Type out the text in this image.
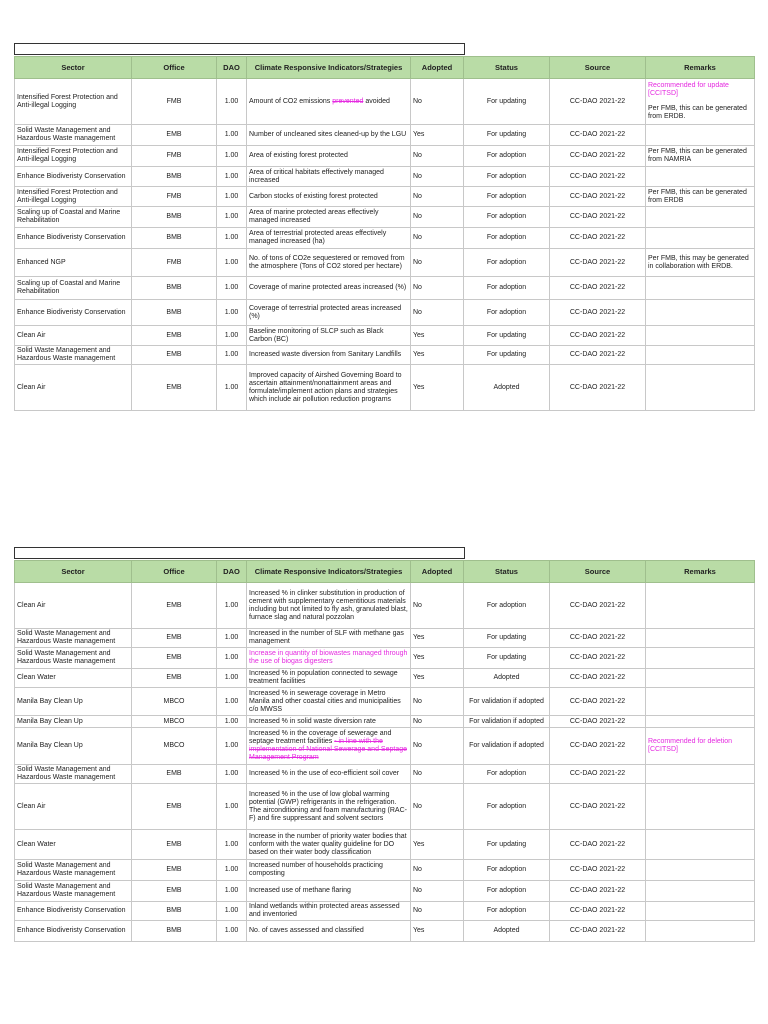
Sector	Office	DAO	Climate Responsive Indicators/Strategies	Adopted	Status	Source	Remarks
Intensified Forest Protection and Anti-illegal Logging	FMB	1.00	Amount of CO2 emissions prevented avoided	No	For updating	CC-DAO 2021-22	Recommended for update [CCITSD]
Per FMB, this can be generated from ERDB.

Solid Waste Management and Hazardous Waste management	EMB	1.00	Number of uncleaned sites cleaned-up by the LGU	Yes	For updating	CC-DAO 2021-22	
Intensified Forest Protection and Anti-illegal Logging	FMB	1.00	Area of existing forest protected	No	For adoption	CC-DAO 2021-22	Per FMB, this can be generated from NAMRIA
Enhance Biodiveristy Conservation	BMB	1.00	Area of critical habitats effectively managed increased	No	For adoption	CC-DAO 2021-22	
Intensified Forest Protection and Anti-illegal Logging	FMB	1.00	Carbon stocks of existing forest protected	No	For adoption	CC-DAO 2021-22	Per FMB, this can be generated from ERDB
Scaling up of Coastal and Marine Rehabilitation	BMB	1.00	Area of marine protected areas effectively managed increased	No	For adoption	CC-DAO 2021-22	
Enhance Biodiveristy Conservation	BMB	1.00	Area of terrestrial protected areas effectively managed increased (ha)	No	For adoption	CC-DAO 2021-22	
Enhanced NGP	FMB	1.00	No. of tons of CO2e sequestered or removed from the atmosphere (Tons of CO2 stored per hectare)	No	For adoption	CC-DAO 2021-22	Per FMB, this may be generated in collaboration with ERDB.
Scaling up of Coastal and Marine Rehabilitation	BMB	1.00	Coverage of marine protected areas increased (%)	No	For adoption	CC-DAO 2021-22	
Enhance Biodiveristy Conservation	BMB	1.00	Coverage of terrestrial protected areas increased (%)	No	For adoption	CC-DAO 2021-22	
Clean Air	EMB	1.00	Baseline monitoring of SLCP such as Black Carbon (BC)	Yes	For updating	CC-DAO 2021-22	
Solid Waste Management and Hazardous Waste management	EMB	1.00	Increased waste diversion from Sanitary Landfills	Yes	For updating	CC-DAO 2021-22	
Clean Air	EMB	1.00	Improved capacity of Airshed Governing Board to ascertain attainment/nonattainment areas and formulate/implement action plans and strategies which include air pollution reduction programs	Yes	Adopted	CC-DAO 2021-22	
Sector	Office	DAO	Climate Responsive Indicators/Strategies	Adopted	Status	Source	Remarks
Clean Air	EMB	1.00	Increased % in clinker substitution in production of cement with supplementary cementitious materials including but not limited to fly ash, granulated blast, furnace slag and natural pozzolan	No	For adoption	CC-DAO 2021-22	
Solid Waste Management and Hazardous Waste management	EMB	1.00	Increased in the number of SLF with methane gas management	Yes	For updating	CC-DAO 2021-22	
Solid Waste Management and Hazardous Waste management	EMB	1.00	Increase in quantity of biowastes managed through the use of biogas digesters	Yes	For updating	CC-DAO 2021-22	
Clean Water	EMB	1.00	Increased % in population connected to sewage treatment facilities	Yes	Adopted	CC-DAO 2021-22	
Manila Bay Clean Up	MBCO	1.00	Increased % in sewerage coverage in Metro Manila and other coastal cities and municipalities c/o MWSS	No	For validation if adopted	CC-DAO 2021-22	
Manila Bay Clean Up	MBCO	1.00	Increased % in solid waste diversion rate	No	For validation if adopted	CC-DAO 2021-22	
Manila Bay Clean Up	MBCO	1.00	Increased % in the coverage of sewerage and septage treatment facilities - in line with the implementation of National Sewerage and Septage Management Program	No	For validation if adopted	CC-DAO 2021-22	Recommended for deletion [CCITSD]
Solid Waste Management and Hazardous Waste management	EMB	1.00	Increased % in the use of eco-efficient soil cover	No	For adoption	CC-DAO 2021-22	
Clean Air	EMB	1.00	Increased % in the use of low global warming potential (GWP) refrigerants in the refrigeration. The airconditioning and foam manufacturing (RAC-F) and fire suppressant and solvent sectors	No	For adoption	CC-DAO 2021-22	
Clean Water	EMB	1.00	Increase in the number of priority water bodies that conform with the water quality guideline for DO based on their water body classification	Yes	For updating	CC-DAO 2021-22	
Solid Waste Management and Hazardous Waste management	EMB	1.00	Increased number of households practicing composting	No	For adoption	CC-DAO 2021-22	
Solid Waste Management and Hazardous Waste management	EMB	1.00	Increased use of methane flaring	No	For adoption	CC-DAO 2021-22	
Enhance Biodiveristy Conservation	BMB	1.00	Inland wetlands within protected areas assessed and inventoried	No	For adoption	CC-DAO 2021-22	
Enhance Biodiveristy Conservation	BMB	1.00	No. of caves assessed and classified	Yes	Adopted	CC-DAO 2021-22	
